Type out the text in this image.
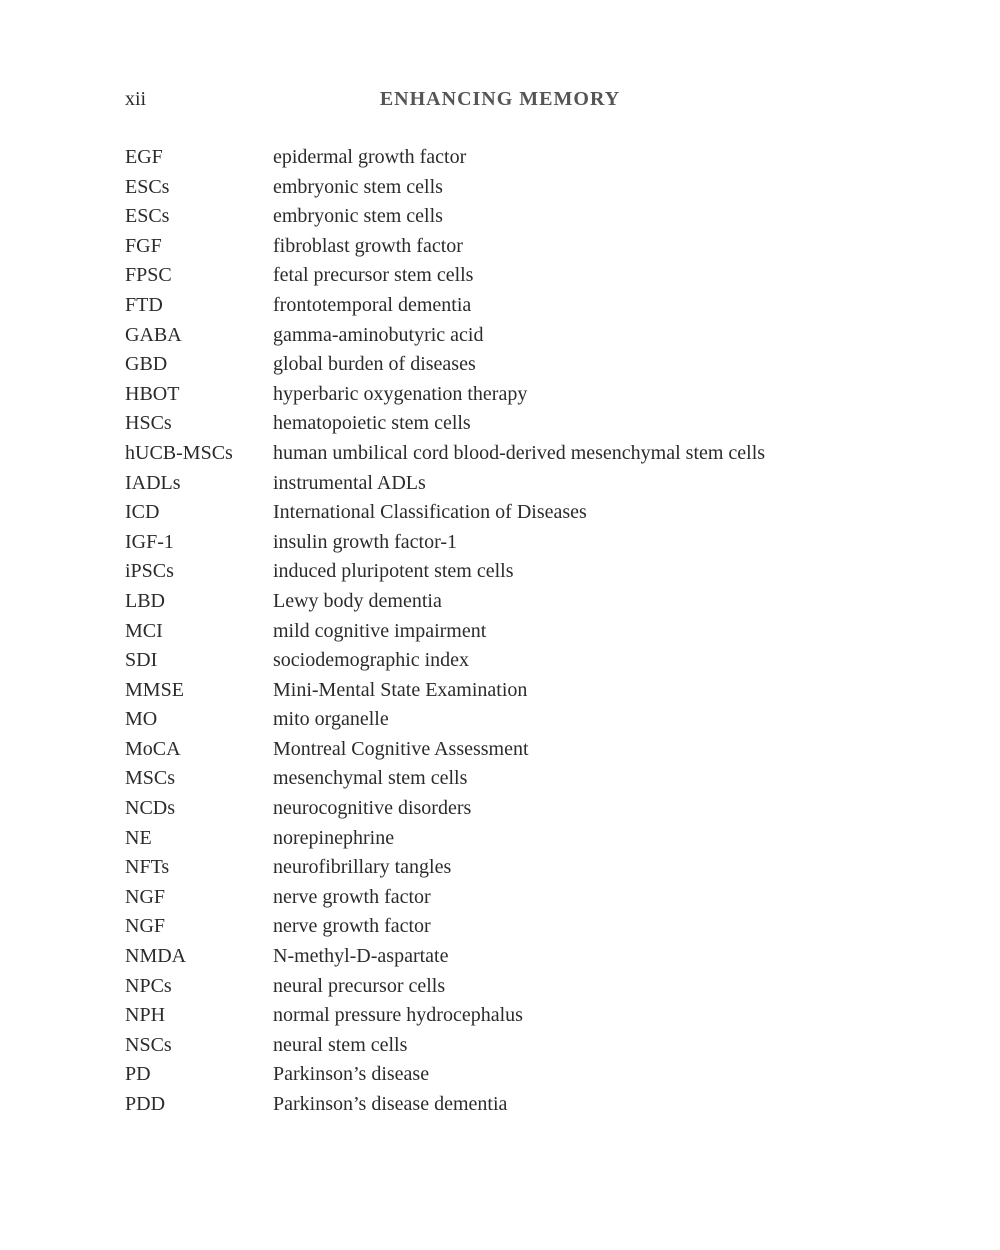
xii	ENHANCING MEMORY
EGF	epidermal growth factor
ESCs	embryonic stem cells
ESCs	embryonic stem cells
FGF	fibroblast growth factor
FPSC	fetal precursor stem cells
FTD	frontotemporal dementia
GABA	gamma-aminobutyric acid
GBD	global burden of diseases
HBOT	hyperbaric oxygenation therapy
HSCs	hematopoietic stem cells
hUCB-MSCs	human umbilical cord blood-derived mesenchymal stem cells
IADLs	instrumental ADLs
ICD	International Classification of Diseases
IGF-1	insulin growth factor-1
iPSCs	induced pluripotent stem cells
LBD	Lewy body dementia
MCI	mild cognitive impairment
SDI	sociodemographic index
MMSE	Mini-Mental State Examination
MO	mito organelle
MoCA	Montreal Cognitive Assessment
MSCs	mesenchymal stem cells
NCDs	neurocognitive disorders
NE	norepinephrine
NFTs	neurofibrillary tangles
NGF	nerve growth factor
NGF	nerve growth factor
NMDA	N-methyl-D-aspartate
NPCs	neural precursor cells
NPH	normal pressure hydrocephalus
NSCs	neural stem cells
PD	Parkinson’s disease
PDD	Parkinson’s disease dementia
